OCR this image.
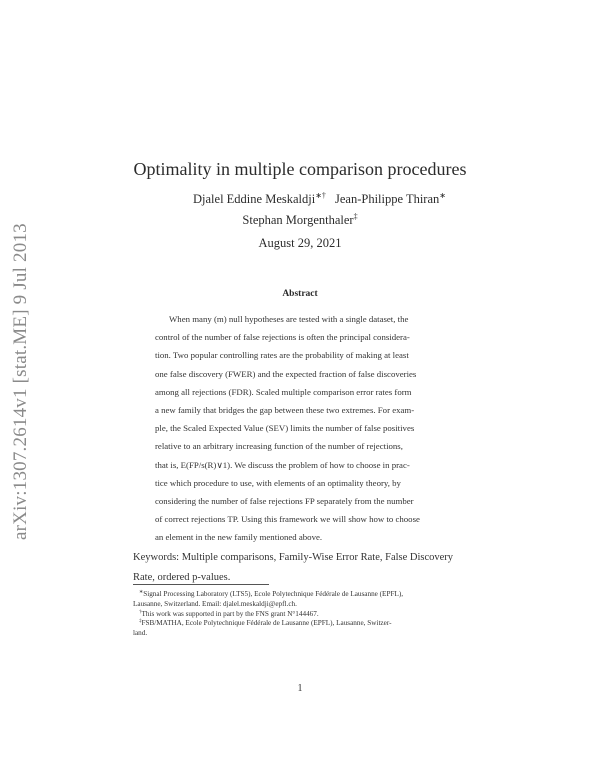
arXiv:1307.2614v1 [stat.ME] 9 Jul 2013
Optimality in multiple comparison procedures
Djalel Eddine Meskaldji∗† Jean-Philippe Thiran∗
Stephan Morgenthaler‡
August 29, 2021
Abstract
When many (m) null hypotheses are tested with a single dataset, the
control of the number of false rejections is often the principal considera-
tion. Two popular controlling rates are the probability of making at least
one false discovery (FWER) and the expected fraction of false discoveries
among all rejections (FDR). Scaled multiple comparison error rates form
a new family that bridges the gap between these two extremes. For exam-
ple, the Scaled Expected Value (SEV) limits the number of false positives
relative to an arbitrary increasing function of the number of rejections,
that is, E(FP/s(R)∨1). We discuss the problem of how to choose in prac-
tice which procedure to use, with elements of an optimality theory, by
considering the number of false rejections FP separately from the number
of correct rejections TP. Using this framework we will show how to choose
an element in the new family mentioned above.
Keywords: Multiple comparisons, Family-Wise Error Rate, False Discovery
Rate, ordered p-values.
∗Signal Processing Laboratory (LTS5), Ecole Polytechnique Fédérale de Lausanne (EPFL),
Lausanne, Switzerland. Email: djalel.meskaldji@epfl.ch.
†This work was supported in part by the FNS grant N°144467.
‡FSB/MATHA, Ecole Polytechnique Fédérale de Lausanne (EPFL), Lausanne, Switzer-
land.
1
